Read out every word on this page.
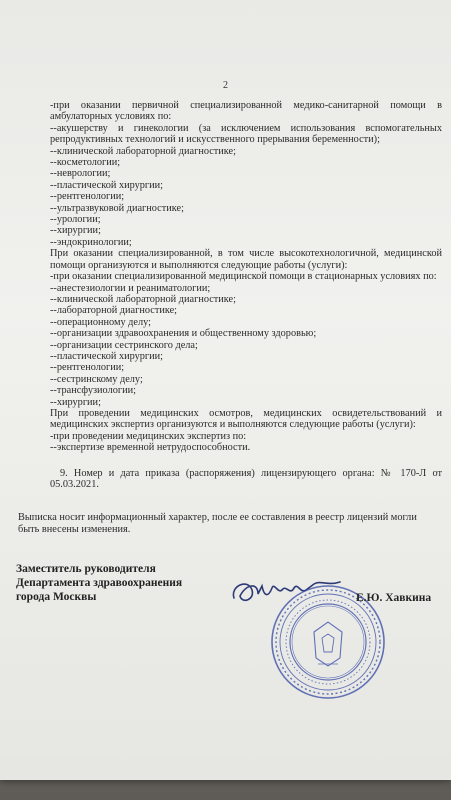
2
-при оказании первичной специализированной медико-санитарной помощи в амбулаторных условиях по:
--акушерству и гинекологии (за исключением использования вспомогательных репродуктивных технологий и искусственного прерывания беременности);
--клинической лабораторной диагностике;
--косметологии;
--неврологии;
--пластической хирургии;
--рентгенологии;
--ультразвуковой диагностике;
--урологии;
--хирургии;
--эндокринологии;
При оказании специализированной, в том числе высокотехнологичной, медицинской помощи организуются и выполняются следующие работы (услуги):
-при оказании специализированной медицинской помощи в стационарных условиях по:
--анестезиологии и реаниматологии;
--клинической лабораторной диагностике;
--лабораторной диагностике;
--операционному делу;
--организации здравоохранения и общественному здоровью;
--организации сестринского дела;
--пластической хирургии;
--рентгенологии;
--сестринскому делу;
--трансфузиологии;
--хирургии;
При проведении медицинских осмотров, медицинских освидетельствований и медицинских экспертиз организуются и выполняются следующие работы (услуги):
-при проведении медицинских экспертиз по:
--экспертизе временной нетрудоспособности.
9. Номер и дата приказа (распоряжения) лицензирующего органа: № 170-Л от 05.03.2021.
Выписка носит информационный характер, после ее составления в реестр лицензий могли быть внесены изменения.
Заместитель руководителя
Департамента здравоохранения
города Москвы	Е.Ю. Хавкина
